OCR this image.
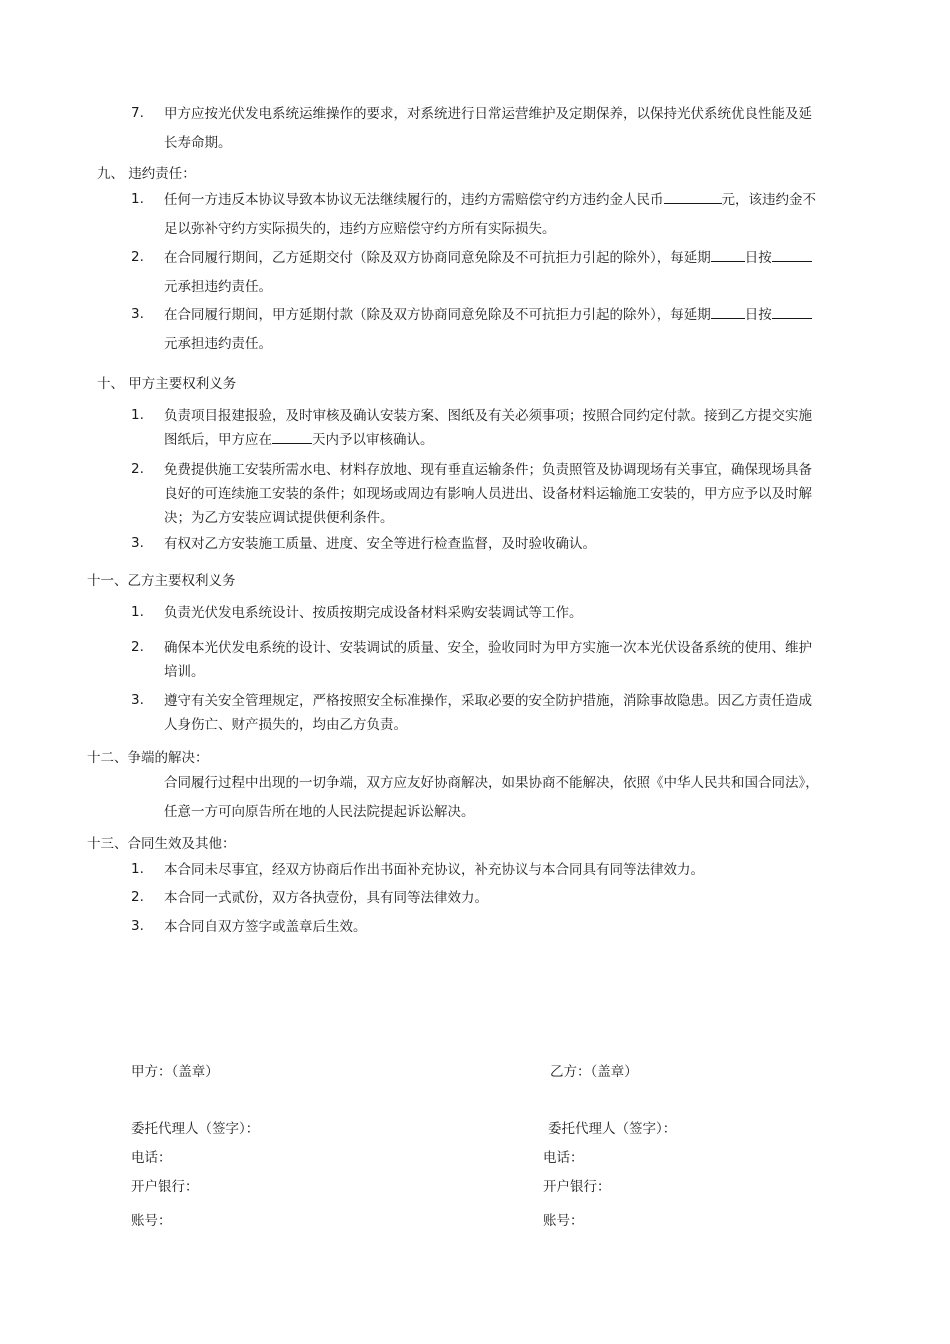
7. 甲方应按光伏发电系统运维操作的要求，对系统进行日常运营维护及定期保养，以保持光伏系统优良性能及延长寿命期。
九、 违约责任：
1. 任何一方违反本协议导致本协议无法继续履行的，违约方需赔偿守约方违约金人民币	元，该违约金不足以弥补守约方实际损失的，违约方应赔偿守约方所有实际损失。
2. 在合同履行期间，乙方延期交付（除及双方协商同意免除及不可抗拒力引起的除外），每延期	日按元承担违约责任。
3. 在合同履行期间，甲方延期付款（除及双方协商同意免除及不可抗拒力引起的除外），每延期	日按元承担违约责任。
十、 甲方主要权利义务
1. 负责项目报建报验，及时审核及确认安装方案、图纸及有关必须事项；按照合同约定付款。接到乙方提交实施图纸后，甲方应在	天内予以审核确认。
2. 免费提供施工安装所需水电、材料存放地、现有垂直运输条件；负责照管及协调现场有关事宜，确保现场具备良好的可连续施工安装的条件；如现场或周边有影响人员进出、设备材料运输施工安装的，甲方应予以及时解决；为乙方安装应调试提供便利条件。
3. 有权对乙方安装施工质量、进度、安全等进行检查监督，及时验收确认。
十一、乙方主要权利义务
1. 负责光伏发电系统设计、按质按期完成设备材料采购安装调试等工作。
2. 确保本光伏发电系统的设计、安装调试的质量、安全，验收同时为甲方实施一次本光伏设备系统的使用、维护培训。
3. 遵守有关安全管理规定，严格按照安全标准操作，采取必要的安全防护措施，消除事故隐患。因乙方责任造成人身伤亡、财产损失的，均由乙方负责。
十二、争端的解决：
合同履行过程中出现的一切争端，双方应友好协商解决，如果协商不能解决，依照《中华人民共和国合同法》，任意一方可向原告所在地的人民法院提起诉讼解决。
十三、合同生效及其他：
1. 本合同未尽事宜，经双方协商后作出书面补充协议，补充协议与本合同具有同等法律效力。
2. 本合同一式贰份，双方各执壹份，具有同等法律效力。
3. 本合同自双方签字或盖章后生效。
甲方：（盖章）
委托代理人（签字）：
电话：
开户银行：
账号：
乙方：（盖章）
委托代理人（签字）：
电话：
开户银行：
账号：
